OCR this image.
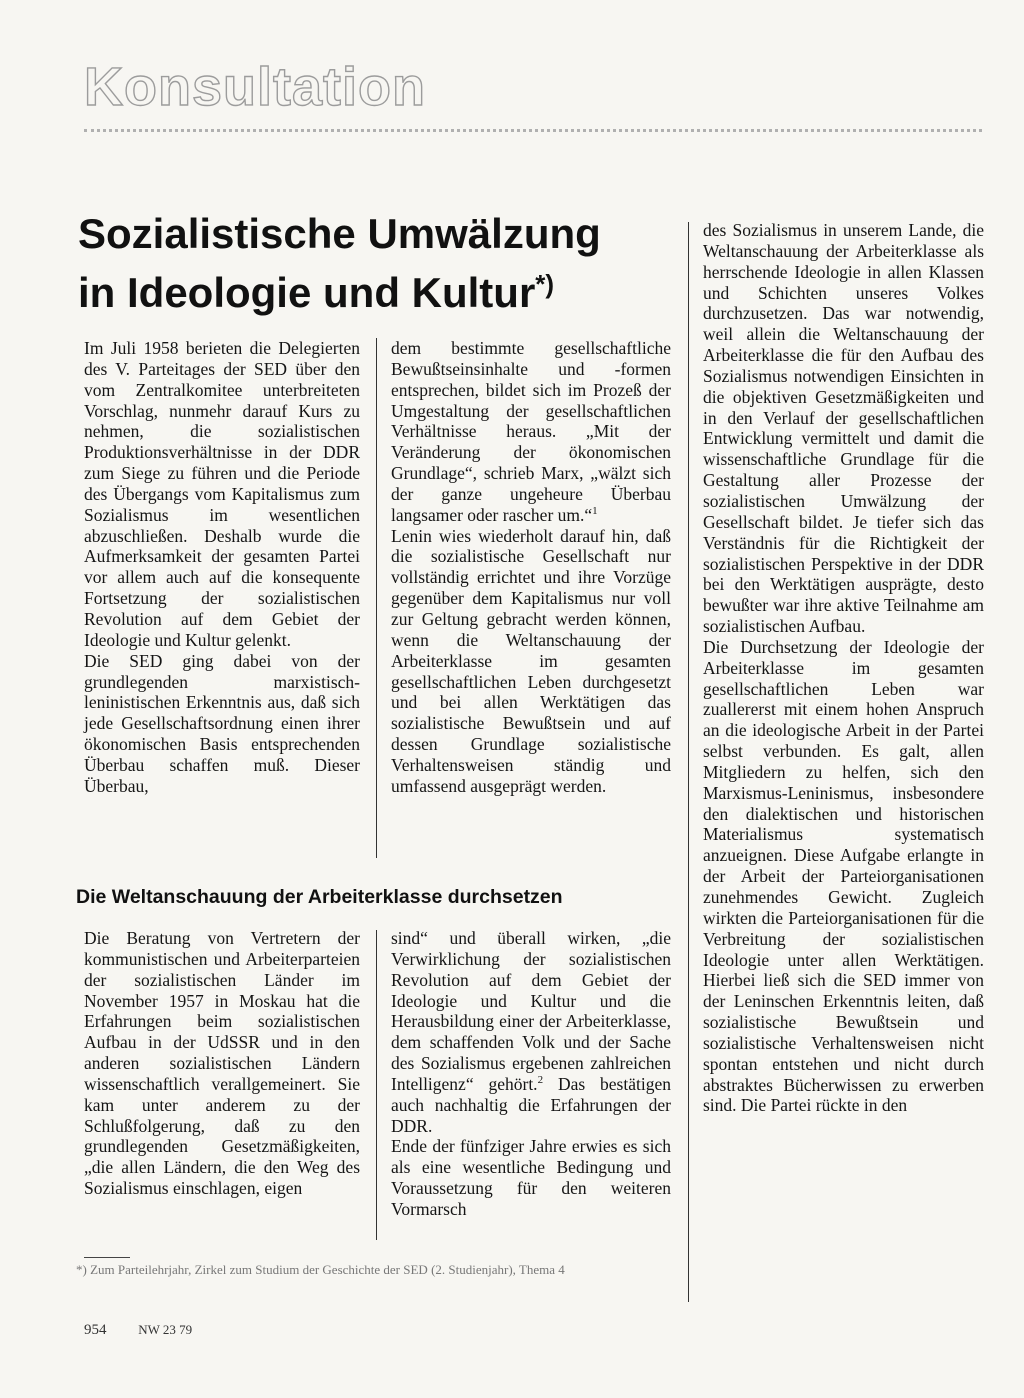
Konsultation
Sozialistische Umwälzung
in Ideologie und Kultur*)

Im Juli 1958 berieten die Delegierten des V. Parteitages der SED über den vom Zentralkomitee unterbreiteten Vorschlag, nunmehr darauf Kurs zu nehmen, die sozialistischen Produktionsverhältnisse in der DDR zum Siege zu führen und die Periode des Übergangs vom Kapitalismus zum Sozialismus im wesentlichen abzuschließen. Deshalb wurde die Aufmerksamkeit der gesamten Partei vor allem auch auf die konsequente Fortsetzung der sozialistischen Revolution auf dem Gebiet der Ideologie und Kultur gelenkt.

Die SED ging dabei von der grundlegenden marxistisch-leninistischen Erkenntnis aus, daß sich jede Gesellschaftsordnung einen ihrer ökonomischen Basis entsprechenden Überbau schaffen muß. Dieser Überbau,

dem bestimmte gesellschaftliche Bewußtseinsinhalte und -formen entsprechen, bildet sich im Prozeß der Umgestaltung der gesellschaftlichen Verhältnisse heraus. „Mit der Veränderung der ökonomischen Grundlage“, schrieb Marx, „wälzt sich der ganze ungeheure Überbau langsamer oder rascher um.“$^1$

Lenin wies wiederholt darauf hin, daß die sozialistische Gesellschaft nur vollständig errichtet und ihre Vorzüge gegenüber dem Kapitalismus nur voll zur Geltung gebracht werden können, wenn die Weltanschauung der Arbeiterklasse im gesamten gesellschaftlichen Leben durchgesetzt und bei allen Werktätigen das sozialistische Bewußtsein und auf dessen Grundlage sozialistische Verhaltensweisen ständig und umfassend ausgeprägt werden.

Die Weltanschauung der Arbeiterklasse durchsetzen

Die Beratung von Vertretern der kommunistischen und Arbeiterparteien der sozialistischen Länder im November 1957 in Moskau hat die Erfahrungen beim sozialistischen Aufbau in der UdSSR und in den anderen sozialistischen Ländern wissenschaftlich verallgemeinert. Sie kam unter anderem zu der Schlußfolgerung, daß zu den grundlegenden Gesetzmäßigkeiten, „die allen Ländern, die den Weg des Sozialismus einschlagen, eigen

sind“ und überall wirken, „die Verwirklichung der sozialistischen Revolution auf dem Gebiet der Ideologie und Kultur und die Herausbildung einer der Arbeiterklasse, dem schaffenden Volk und der Sache des Sozialismus ergebenen zahlreichen Intelligenz“ gehört.$^2$ Das bestätigen auch nachhaltig die Erfahrungen der DDR.

Ende der fünfziger Jahre erwies es sich als eine wesentliche Bedingung und Voraussetzung für den weiteren Vormarsch

des Sozialismus in unserem Lande, die Weltanschauung der Arbeiterklasse als herrschende Ideologie in allen Klassen und Schichten unseres Volkes durchzusetzen. Das war notwendig, weil allein die Weltanschauung der Arbeiterklasse die für den Aufbau des Sozialismus notwendigen Einsichten in die objektiven Gesetzmäßigkeiten und in den Verlauf der gesellschaftlichen Entwicklung vermittelt und damit die wissenschaftliche Grundlage für die Gestaltung aller Prozesse der sozialistischen Umwälzung der Gesellschaft bildet. Je tiefer sich das Verständnis für die Richtigkeit der sozialistischen Perspektive in der DDR bei den Werktätigen ausprägte, desto bewußter war ihre aktive Teilnahme am sozialistischen Aufbau.

Die Durchsetzung der Ideologie der Arbeiterklasse im gesamten gesellschaftlichen Leben war zuallererst mit einem hohen Anspruch an die ideologische Arbeit in der Partei selbst verbunden. Es galt, allen Mitgliedern zu helfen, sich den Marxismus-Leninismus, insbesondere den dialektischen und historischen Materialismus systematisch anzueignen. Diese Aufgabe erlangte in der Arbeit der Parteiorganisationen zunehmendes Gewicht. Zugleich wirkten die Parteiorganisationen für die Verbreitung der sozialistischen Ideologie unter allen Werktätigen. Hierbei ließ sich die SED immer von der Leninschen Erkenntnis leiten, daß sozialistische Bewußtsein und sozialistische Verhaltensweisen nicht spontan entstehen und nicht durch abstraktes Bücherwissen zu erwerben sind. Die Partei rückte in den

*) Zum Parteilehrjahr, Zirkel zum Studium der Geschichte der SED (2. Studienjahr), Thema 4
954 NW 23 79
